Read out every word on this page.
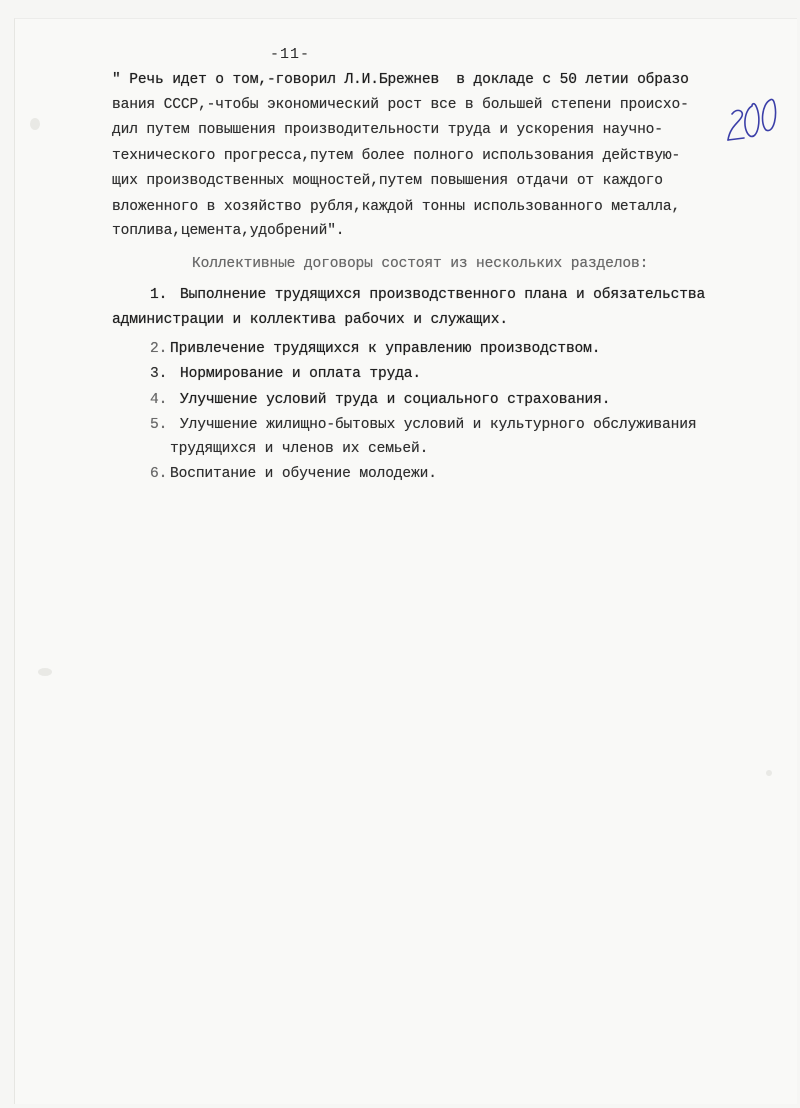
-11-
" Речь идет о том,-говорил Л.И.Брежнев  в докладе с 50 летии образо
вания СССР,-чтобы экономический рост все в большей степени происхо-
дил путем повышения производительности труда и ускорения научно-
технического прогресса,путем более полного использования действую-
щих производственных мощностей,путем повышения отдачи от каждого
вложенного в хозяйство рубля,каждой тонны использованного металла,
топлива,цемента,удобрений".
Коллективные договоры состоят из нескольких разделов:
1. Выполнение трудящихся производственного плана и обязательства
администрации и коллектива рабочих и служащих.
2. Привлечение трудящихся к управлению производством.
3. Нормирование и оплата труда.
4. Улучшение условий труда и социального страхования.
5. Улучшение жилищно-бытовых условий и культурного обслуживания
трудящихся и членов их семьей.
6. Воспитание и обучение молодежи.
